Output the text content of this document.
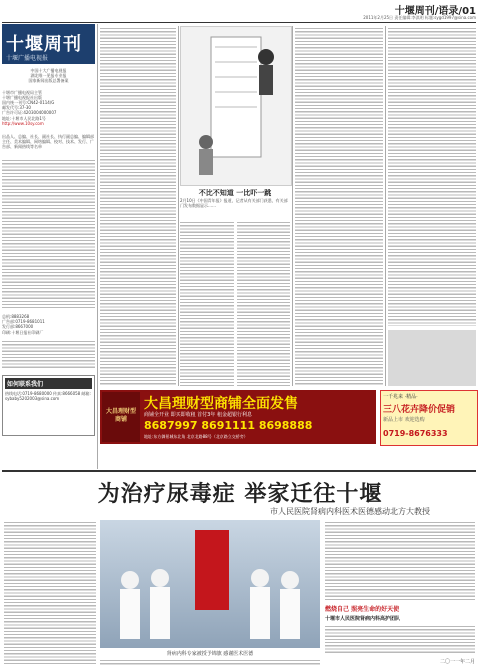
十堰周刊/语录/01
2011年2月25日 责任编辑:李淇明 标题:sygd1997@sina.com
十堰周刊
十堰广播电视报
中国十大广播电视报
湖北唯一见报专业报
国家新闻出版总署备案
十堰市广播电视局主管
十堰广播电视报社出版
国内统一刊号:CN42-0114/G
邮发代号:37-30
广告许可证:4203004000007
地址:十堰市人民北路1号
http://www.10sy.com
出品人、总编、社长、副社长、执行副总编、编辑部主任、美术编辑、网络编辑、校对、技术、发行、广告部、新闻热线等名单
总机:8883268
广告部:0719-8681011
发行部:8667000
印刷:十堰日报社印刷厂
如何联系我们
热线电话:0719-8680000 传真:8666058 邮箱:sybaby5202003@sina.com
不比不知道 一比吓一跳
2月10日《中国青年报》报道，记者从有关部门获悉，有关部门发布数据显示……
大昌理财型商铺
大昌理财型商铺全面发售
商铺全开业 即买即收租 首付3年 租金超银行利息
8687997 8691111 8698888
地址:东方御景城东北角 北京北路88号（北京路立交桥旁）
一千兆来 ·精品·
三八花卉降价促销
新品上市 欢迎选购
0719-8676333
为治疗尿毒症 举家迁往十堰
市人民医院肾病内科医术医德感动北方大教授
肾病内科专家被授予锦旗 感谢医术医德
燃烧自己 照亮生命的好天使
十堰市人民医院肾病内科高护团队
二〇一一年二月
